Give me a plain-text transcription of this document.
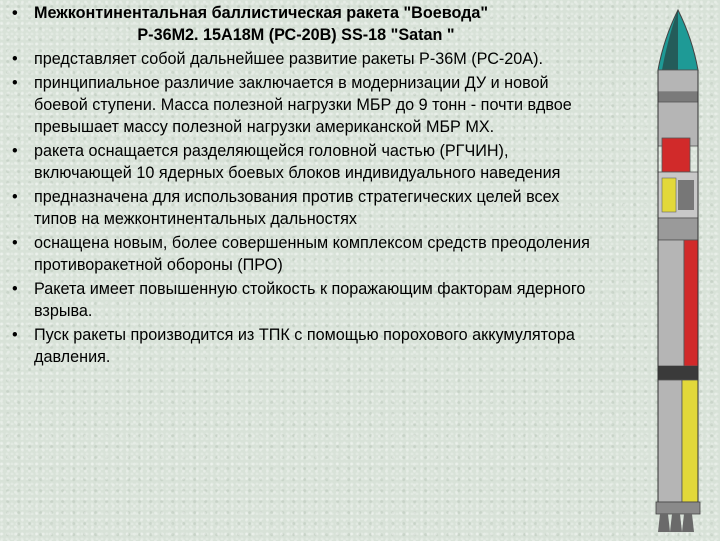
• Межконтинентальная баллистическая ракета "Воевода"
Р-36М2. 15А18М (РС-20В) SS-18 "Satan "
• представляет собой дальнейшее развитие ракеты Р-36М (РС-20А).
• принципиальное различие заключается в модернизации ДУ и новой боевой ступени. Масса полезной нагрузки МБР до 9 тонн - почти вдвое превышает массу полезной нагрузки американской МБР МХ.
• ракета оснащается разделяющейся головной частью (РГЧИН), включающей 10 ядерных боевых блоков индивидуального наведения
• предназначена для использования против стратегических целей всех типов на межконтинентальных дальностях
• оснащена новым, более совершенным комплексом средств преодоления противоракетной обороны (ПРО)
• Ракета имеет повышенную стойкость к поражающим факторам ядерного взрыва.
• Пуск ракеты производится из ТПК с помощью порохового аккумулятора давления.
